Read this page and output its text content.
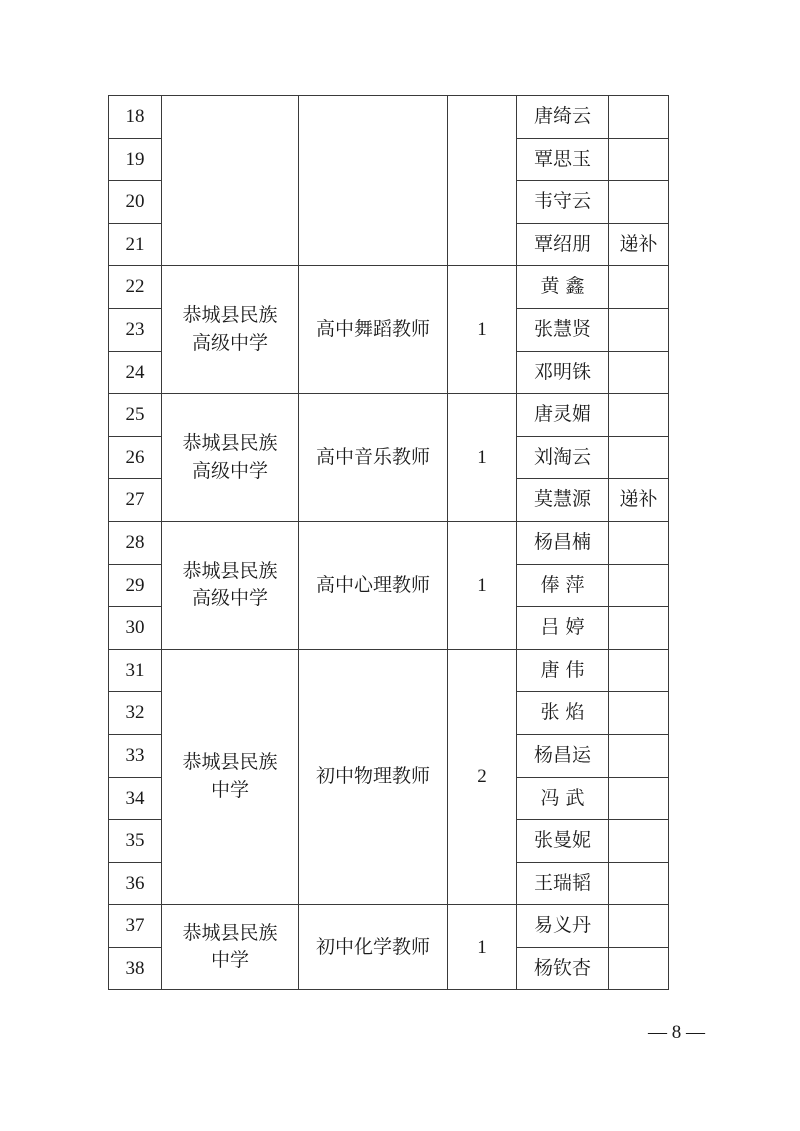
18				唐绮云	
19				覃思玉	
20				韦守云	
21				覃绍朋	递补
22	恭城县民族高级中学	高中舞蹈教师	1	黄 鑫	
23				张慧贤	
24				邓明铢	
25	恭城县民族高级中学	高中音乐教师	1	唐灵媚	
26				刘淘云	
27				莫慧源	递补
28	恭城县民族高级中学	高中心理教师	1	杨昌楠	
29				俸 萍	
30				吕 婷	
31	恭城县民族中学	初中物理教师	2	唐 伟	
32				张 焰	
33				杨昌运	
34				冯 武	
35				张曼妮	
36				王瑞韬	
37	恭城县民族中学	初中化学教师	1	易义丹	
38				杨钦杏	
— 8 —
